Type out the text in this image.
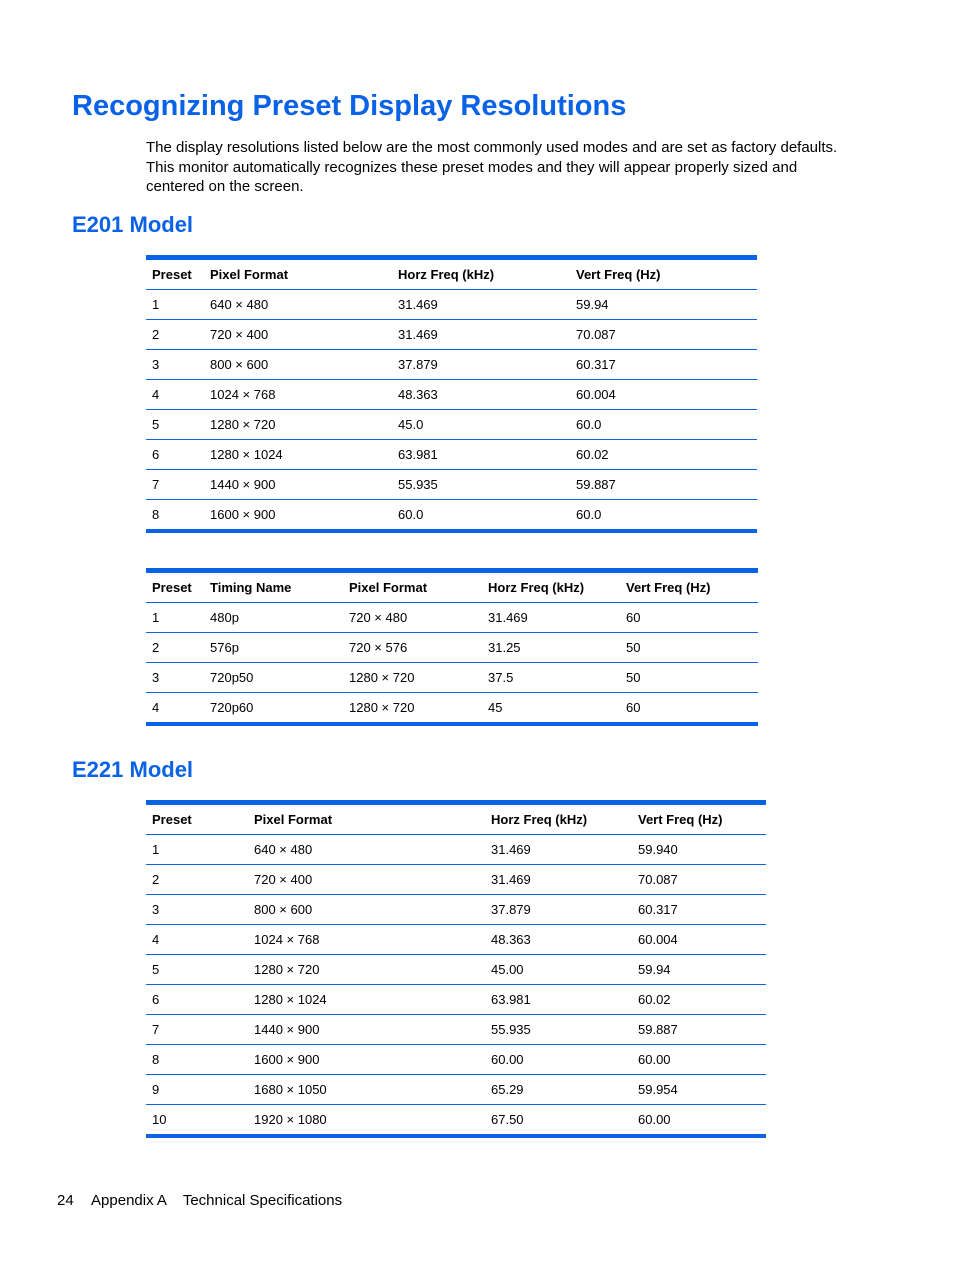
Recognizing Preset Display Resolutions

The display resolutions listed below are the most commonly used modes and are set as factory defaults. This monitor automatically recognizes these preset modes and they will appear properly sized and centered on the screen.

E201 Model
Preset	Pixel Format	Horz Freq (kHz)	Vert Freq (Hz)
1	640 × 480	31.469	59.94
2	720 × 400	31.469	70.087
3	800 × 600	37.879	60.317
4	1024 × 768	48.363	60.004
5	1280 × 720	45.0	60.0
6	1280 × 1024	63.981	60.02
7	1440 × 900	55.935	59.887
8	1600 × 900	60.0	60.0
Preset	Timing Name	Pixel Format	Horz Freq (kHz)	Vert Freq (Hz)
1	480p	720 × 480	31.469	60
2	576p	720 × 576	31.25	50
3	720p50	1280 × 720	37.5	50
4	720p60	1280 × 720	45	60
E221 Model
Preset	Pixel Format	Horz Freq (kHz)	Vert Freq (Hz)
1	640 × 480	31.469	59.940
2	720 × 400	31.469	70.087
3	800 × 600	37.879	60.317
4	1024 × 768	48.363	60.004
5	1280 × 720	45.00	59.94
6	1280 × 1024	63.981	60.02
7	1440 × 900	55.935	59.887
8	1600 × 900	60.00	60.00
9	1680 × 1050	65.29	59.954
10	1920 × 1080	67.50	60.00
24 Appendix A Technical Specifications
